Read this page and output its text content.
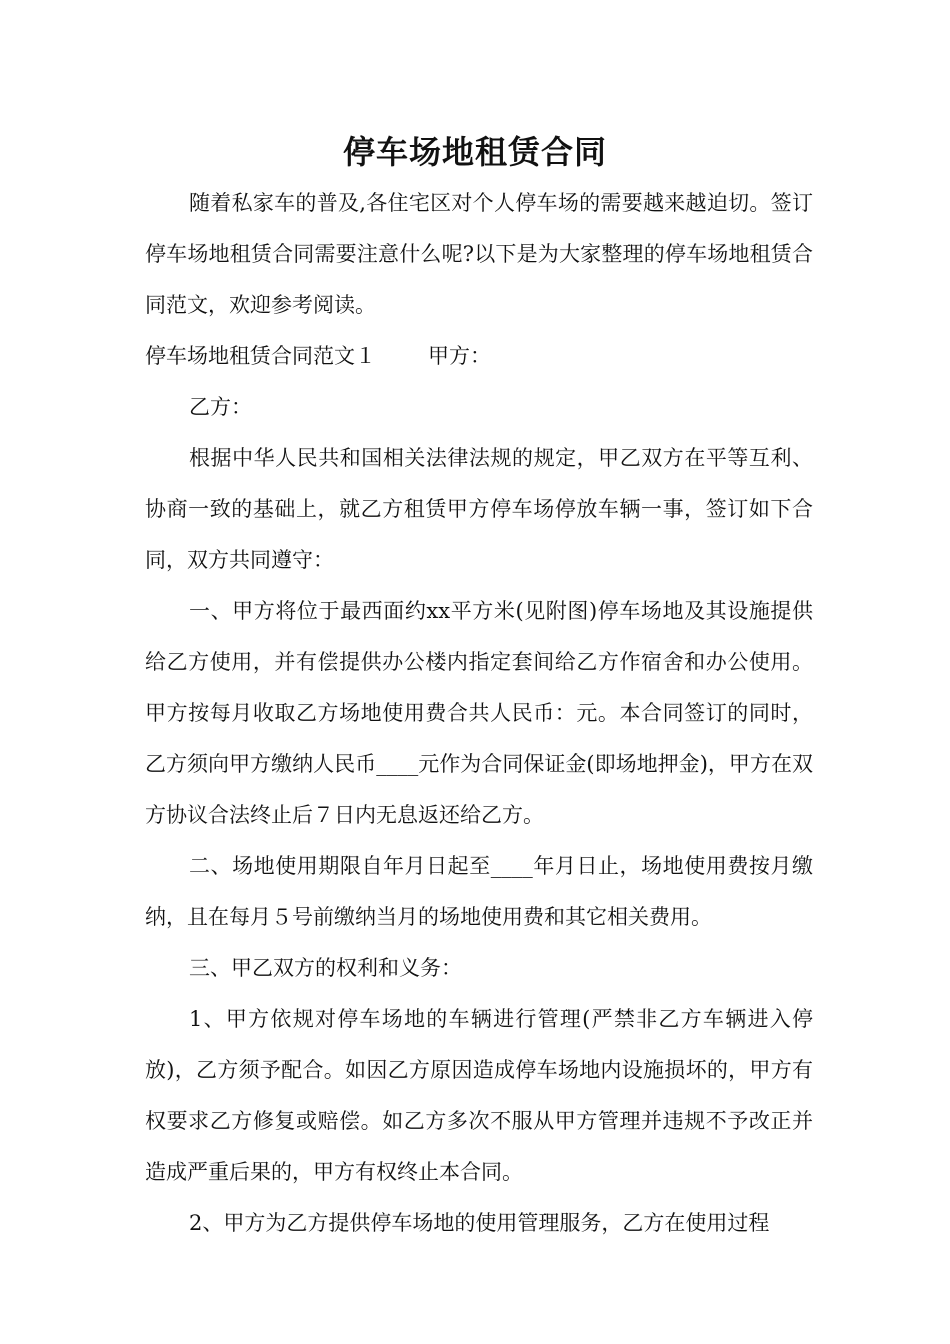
停车场地租赁合同

随着私家车的普及,各住宅区对个人停车场的需要越来越迫切。签订停车场地租赁合同需要注意什么呢?以下是为大家整理的停车场地租赁合同范文，欢迎参考阅读。

停车场地租赁合同范文１ 甲方：

乙方：

根据中华人民共和国相关法律法规的规定，甲乙双方在平等互利、协商一致的基础上，就乙方租赁甲方停车场停放车辆一事，签订如下合同，双方共同遵守：

一、甲方将位于最西面约xx平方米(见附图)停车场地及其设施提供给乙方使用，并有偿提供办公楼内指定套间给乙方作宿舍和办公使用。甲方按每月收取乙方场地使用费合共人民币：元。本合同签订的同时，乙方须向甲方缴纳人民币____元作为合同保证金(即场地押金)，甲方在双方协议合法终止后７日内无息返还给乙方。

二、场地使用期限自年月日起至____年月日止，场地使用费按月缴纳，且在每月５号前缴纳当月的场地使用费和其它相关费用。

三、甲乙双方的权利和义务：

1、甲方依规对停车场地的车辆进行管理(严禁非乙方车辆进入停放)，乙方须予配合。如因乙方原因造成停车场地内设施损坏的，甲方有权要求乙方修复或赔偿。如乙方多次不服从甲方管理并违规不予改正并造成严重后果的，甲方有权终止本合同。

2、甲方为乙方提供停车场地的使用管理服务，乙方在使用过程
